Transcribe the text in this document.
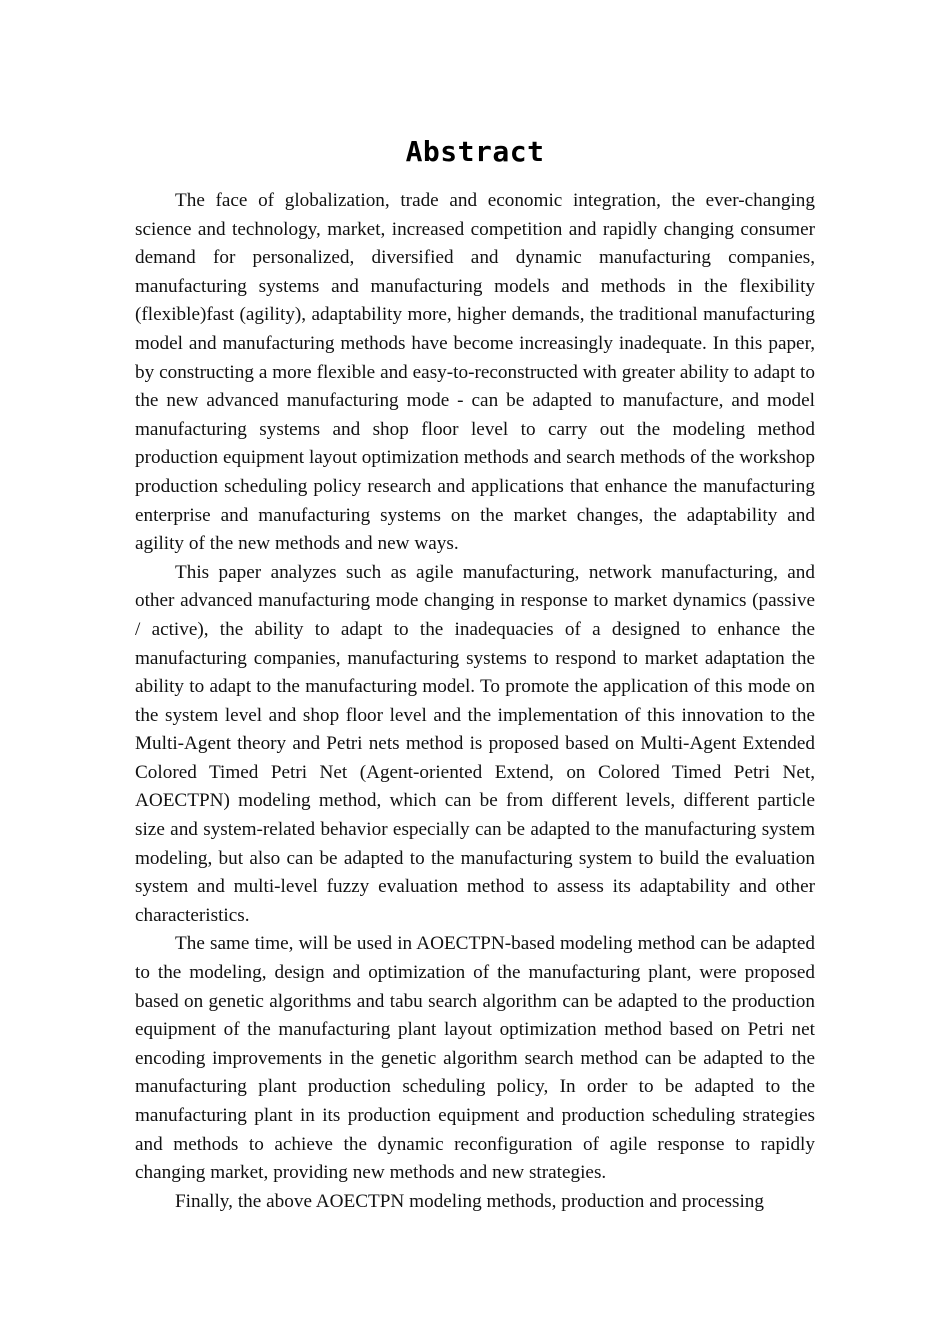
Abstract

The face of globalization, trade and economic integration, the ever-changing science and technology, market, increased competition and rapidly changing consumer demand for personalized, diversified and dynamic manufacturing companies, manufacturing systems and manufacturing models and methods in the flexibility (flexible)fast (agility), adaptability more, higher demands, the traditional manufacturing model and manufacturing methods have become increasingly inadequate. In this paper, by constructing a more flexible and easy-to-reconstructed with greater ability to adapt to the new advanced manufacturing mode - can be adapted to manufacture, and model manufacturing systems and shop floor level to carry out the modeling method production equipment layout optimization methods and search methods of the workshop production scheduling policy research and applications that enhance the manufacturing enterprise and manufacturing systems on the market changes, the adaptability and agility of the new methods and new ways.

This paper analyzes such as agile manufacturing, network manufacturing, and other advanced manufacturing mode changing in response to market dynamics (passive / active), the ability to adapt to the inadequacies of a designed to enhance the manufacturing companies, manufacturing systems to respond to market adaptation the ability to adapt to the manufacturing model. To promote the application of this mode on the system level and shop floor level and the implementation of this innovation to the Multi-Agent theory and Petri nets method is proposed based on Multi-Agent Extended Colored Timed Petri Net (Agent-oriented Extend, on Colored Timed Petri Net, AOECTPN) modeling method, which can be from different levels, different particle size and system-related behavior especially can be adapted to the manufacturing system modeling, but also can be adapted to the manufacturing system to build the evaluation system and multi-level fuzzy evaluation method to assess its adaptability and other characteristics.

The same time, will be used in AOECTPN-based modeling method can be adapted to the modeling, design and optimization of the manufacturing plant, were proposed based on genetic algorithms and tabu search algorithm can be adapted to the production equipment of the manufacturing plant layout optimization method based on Petri net encoding improvements in the genetic algorithm search method can be adapted to the manufacturing plant production scheduling policy, In order to be adapted to the manufacturing plant in its production equipment and production scheduling strategies and methods to achieve the dynamic reconfiguration of agile response to rapidly changing market, providing new methods and new strategies.

Finally, the above AOECTPN modeling methods, production and processing
